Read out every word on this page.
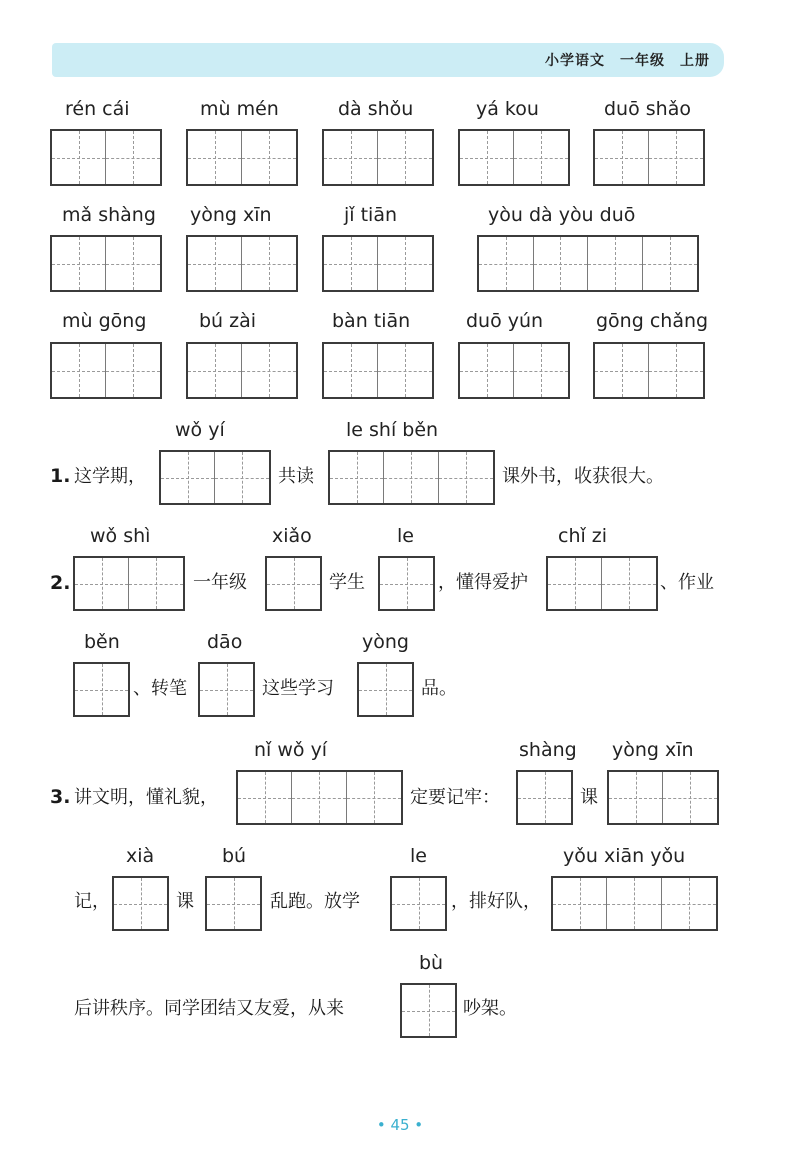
小学语文　一年级　上册
rén cái	mù mén	dà shǒu	yá kou	duō shǎo
mǎ shàng yòng xīn	jǐ tiān	yòu dà yòu duō
mù gōng	bú zài	bàn tiān	duō yún	gōng chǎng
1. 这学期，
wǒ yí
共读
le shí běn
课外书，收获很大。
2.
wǒ shì
一年级
xiǎo
学生
le
，懂得爱护
chǐ zi
、作业
běn
、转笔
dāo
这些学习
yòng
品。
3. 讲文明，懂礼貌，
nǐ wǒ yí
定要记牢：
shàng
课
yòng xīn
记，
xià
课
bú
乱跑。放学
le
，排好队，
yǒu xiān yǒu
后讲秩序。同学团结又友爱，从来
bù
吵架。
• 45 •
